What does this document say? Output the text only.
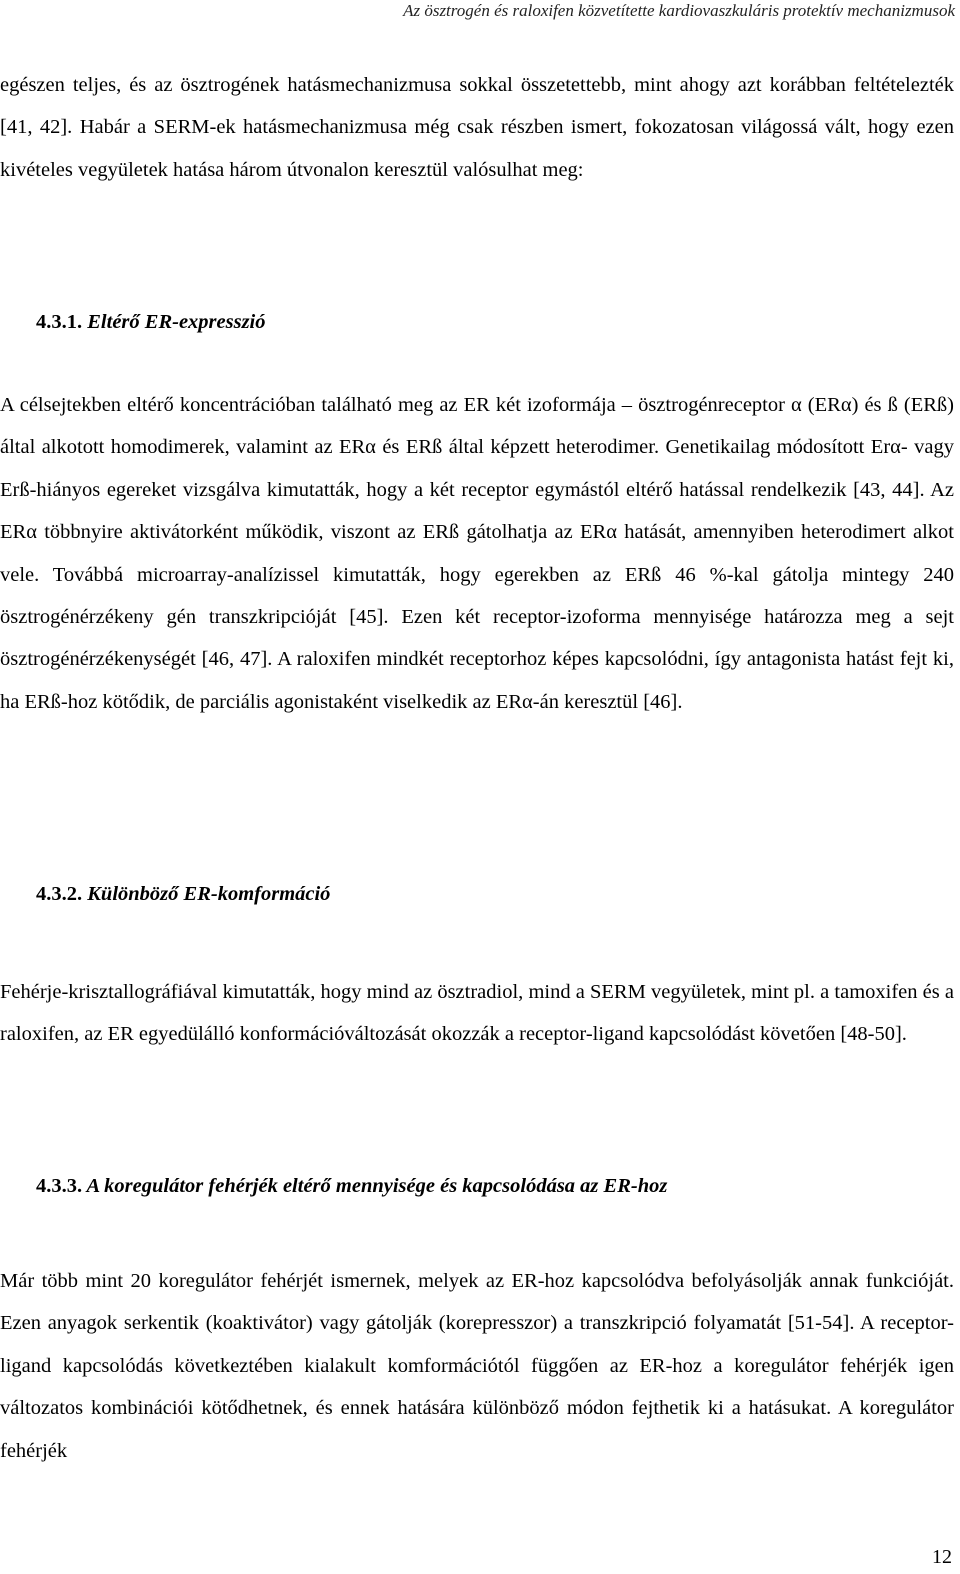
Az ösztrogén és raloxifen közvetítette kardiovaszkuláris protektív mechanizmusok

egészen teljes, és az ösztrogének hatásmechanizmusa sokkal összetettebb, mint ahogy azt korábban feltételezték [41, 42]. Habár a SERM-ek hatásmechanizmusa még csak részben ismert, fokozatosan világossá vált, hogy ezen kivételes vegyületek hatása három útvonalon keresztül valósulhat meg:

4.3.1. Eltérő ER-expresszió

A célsejtekben eltérő koncentrációban található meg az ER két izoformája – ösztrogénreceptor α (ERα) és ß (ERß) által alkotott homodimerek, valamint az ERα és ERß által képzett heterodimer. Genetikailag módosított Erα- vagy Erß-hiányos egereket vizsgálva kimutatták, hogy a két receptor egymástól eltérő hatással rendelkezik [43, 44]. Az ERα többnyire aktivátorként működik, viszont az ERß gátolhatja az ERα hatását, amennyiben heterodimert alkot vele. Továbbá microarray-analízissel kimutatták, hogy egerekben az ERß 46 %-kal gátolja mintegy 240 ösztrogénérzékeny gén transzkripcióját [45]. Ezen két receptor-izoforma mennyisége határozza meg a sejt ösztrogénérzékenységét [46, 47]. A raloxifen mindkét receptorhoz képes kapcsolódni, így antagonista hatást fejt ki, ha ERß-hoz kötődik, de parciális agonistaként viselkedik az ERα-án keresztül [46].

4.3.2. Különböző ER-komformáció

Fehérje-krisztallográfiával kimutatták, hogy mind az ösztradiol, mind a SERM vegyületek, mint pl. a tamoxifen és a raloxifen, az ER egyedülálló konformációváltozását okozzák a receptor-ligand kapcsolódást követően [48-50].

4.3.3. A koregulátor fehérjék eltérő mennyisége és kapcsolódása az ER-hoz

Már több mint 20 koregulátor fehérjét ismernek, melyek az ER-hoz kapcsolódva befolyásolják annak funkcióját. Ezen anyagok serkentik (koaktivátor) vagy gátolják (korepresszor) a transzkripció folyamatát [51-54]. A receptor-ligand kapcsolódás következtében kialakult komformációtól függően az ER-hoz a koregulátor fehérjék igen változatos kombinációi kötődhetnek, és ennek hatására különböző módon fejthetik ki a hatásukat. A koregulátor fehérjék

12
